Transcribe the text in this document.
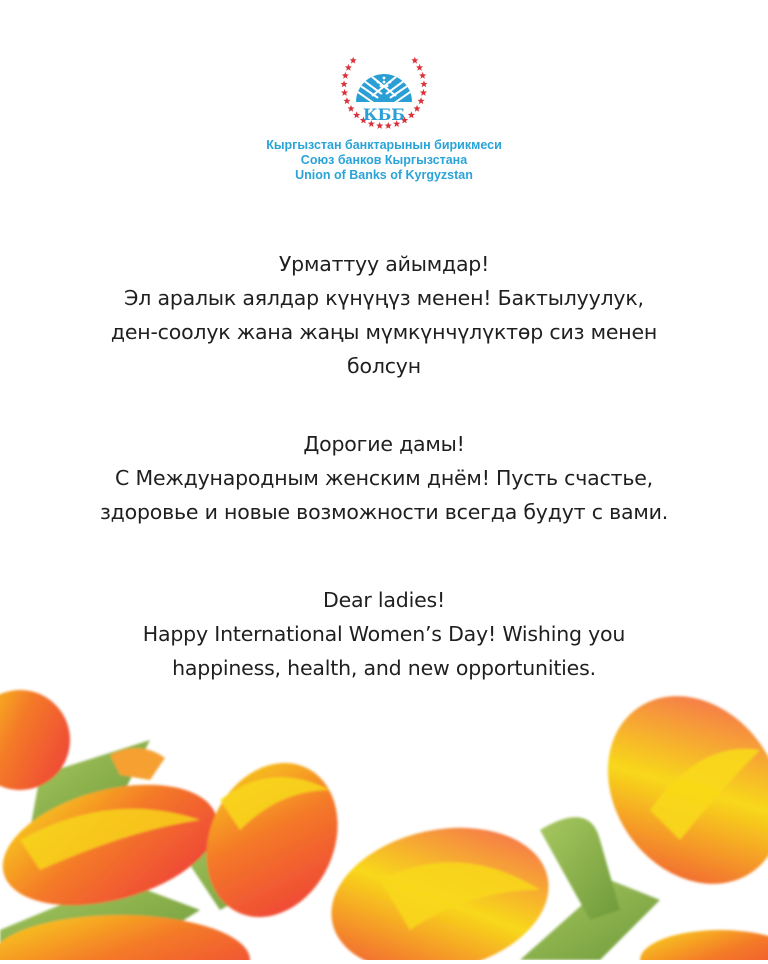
КББ
Кыргызстан банктарынын бирикмеси
Союз банков Кыргызстана
Union of Banks of Kyrgyzstan
Урматтуу айымдар!
Эл аралык аялдар күнүңүз менен! Бактылуулук,
ден-соолук жана жаңы мүмкүнчүлүктөр сиз менен
болсун
Дорогие дамы!
С Международным женским днём! Пусть счастье,
здоровье и новые возможности всегда будут с вами.
Dear ladies!
Happy International Women’s Day! Wishing you
happiness, health, and new opportunities.
